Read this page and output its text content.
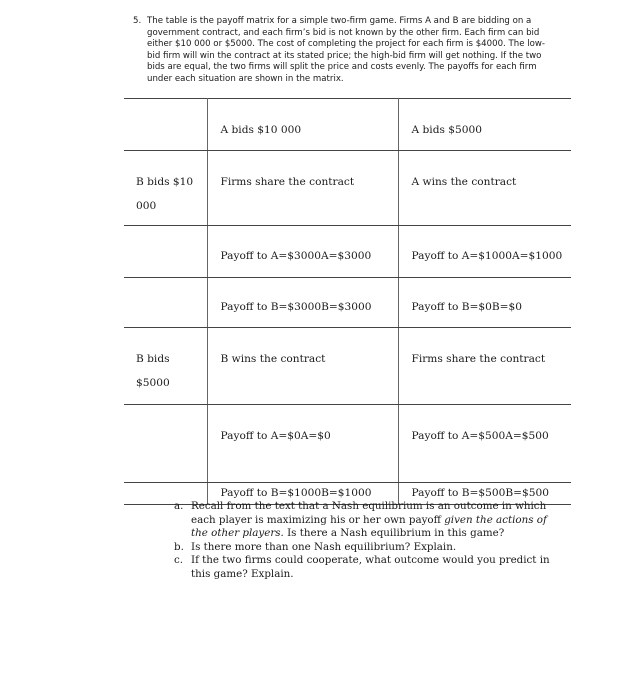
5. The table is the payoff matrix for a simple two-firm game. Firms A and B are bidding on a government contract, and each firm’s bid is not known by the other firm. Each firm can bid either $10 000 or $5000. The cost of completing the project for each firm is $4000. The low-bid firm will win the contract at its stated price; the high-bid firm will get nothing. If the two bids are equal, the two firms will split the price and costs evenly. The payoffs for each firm under each situation are shown in the matrix.
	A bids $10 000	A bids $5000

B bids $10
000	Firms share the contract	A wins the contract
	Payoff to A=$3000A=$3000	Payoff to A=$1000A=$1000
	Payoff to B=$3000B=$3000	Payoff to B=$0B=$0

B bids
$5000	B wins the contract	Firms share the contract
	Payoff to A=$0A=$0	Payoff to A=$500A=$500
	Payoff to B=$1000B=$1000	Payoff to B=$500B=$500
a. Recall from the text that a Nash equilibrium is an outcome in which each player is maximizing his or her own payoff given the actions of the other players. Is there a Nash equilibrium in this game?
b. Is there more than one Nash equilibrium? Explain.
c. If the two firms could cooperate, what outcome would you predict in this game? Explain.
